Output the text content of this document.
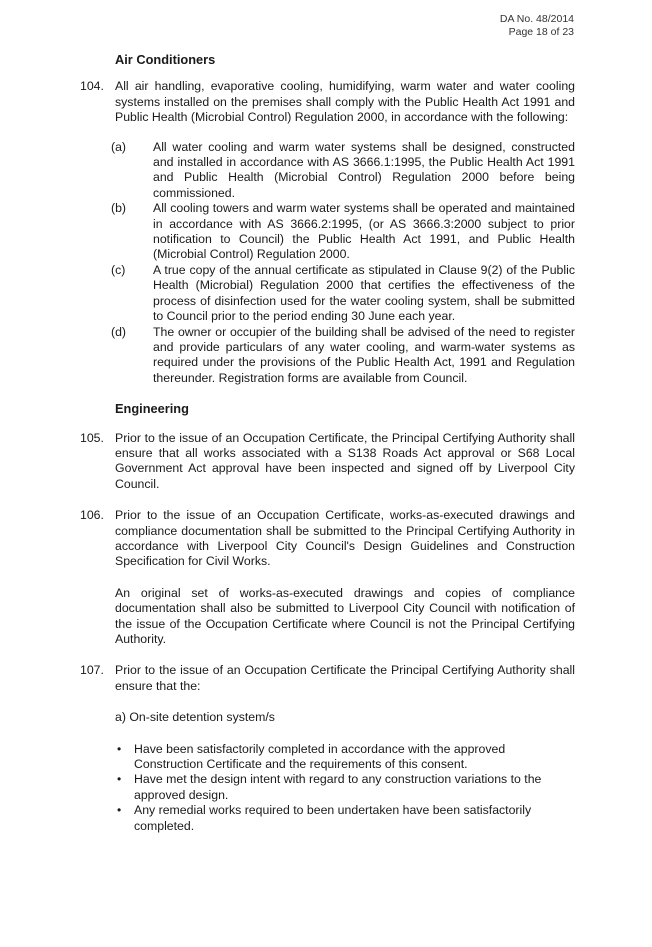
DA No. 48/2014
Page 18 of 23
Air Conditioners
104. All air handling, evaporative cooling, humidifying, warm water and water cooling systems installed on the premises shall comply with the Public Health Act 1991 and Public Health (Microbial Control) Regulation 2000, in accordance with the following:
(a) All water cooling and warm water systems shall be designed, constructed and installed in accordance with AS 3666.1:1995, the Public Health Act 1991 and Public Health (Microbial Control) Regulation 2000 before being commissioned.
(b) All cooling towers and warm water systems shall be operated and maintained in accordance with AS 3666.2:1995, (or AS 3666.3:2000 subject to prior notification to Council) the Public Health Act 1991, and Public Health (Microbial Control) Regulation 2000.
(c) A true copy of the annual certificate as stipulated in Clause 9(2) of the Public Health (Microbial) Regulation 2000 that certifies the effectiveness of the process of disinfection used for the water cooling system, shall be submitted to Council prior to the period ending 30 June each year.
(d) The owner or occupier of the building shall be advised of the need to register and provide particulars of any water cooling, and warm-water systems as required under the provisions of the Public Health Act, 1991 and Regulation thereunder. Registration forms are available from Council.
Engineering
105. Prior to the issue of an Occupation Certificate, the Principal Certifying Authority shall ensure that all works associated with a S138 Roads Act approval or S68 Local Government Act approval have been inspected and signed off by Liverpool City Council.
106. Prior to the issue of an Occupation Certificate, works-as-executed drawings and compliance documentation shall be submitted to the Principal Certifying Authority in accordance with Liverpool City Council's Design Guidelines and Construction Specification for Civil Works.
An original set of works-as-executed drawings and copies of compliance documentation shall also be submitted to Liverpool City Council with notification of the issue of the Occupation Certificate where Council is not the Principal Certifying Authority.
107. Prior to the issue of an Occupation Certificate the Principal Certifying Authority shall ensure that the:
a) On-site detention system/s
• Have been satisfactorily completed in accordance with the approved Construction Certificate and the requirements of this consent.
• Have met the design intent with regard to any construction variations to the approved design.
• Any remedial works required to been undertaken have been satisfactorily completed.
